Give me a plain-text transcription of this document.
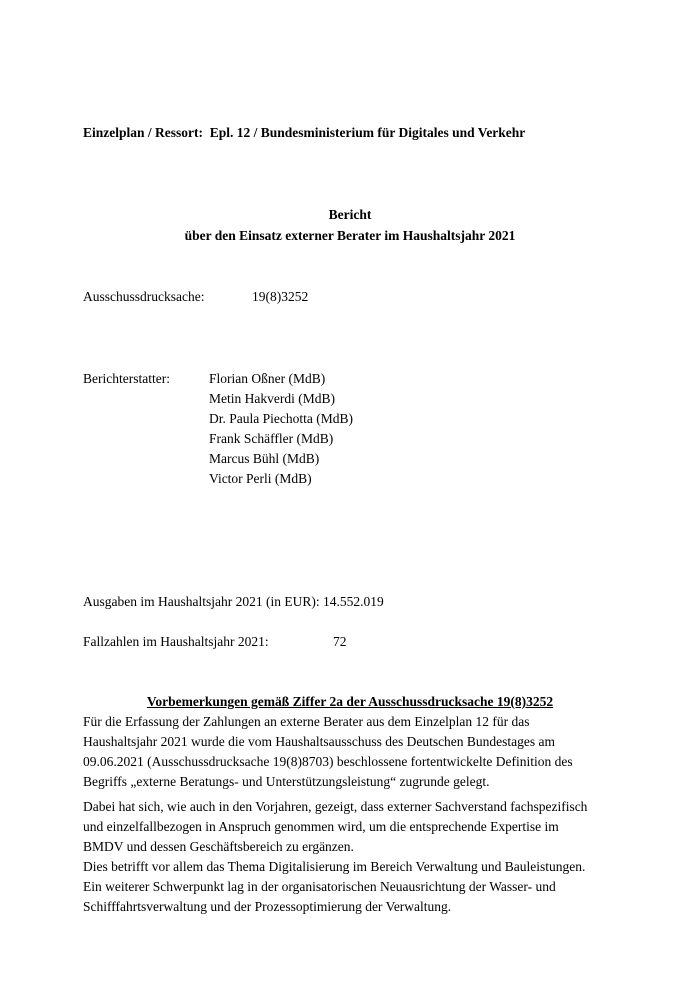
Einzelplan / Ressort: Epl. 12 / Bundesministerium für Digitales und Verkehr
Bericht
über den Einsatz externer Berater im Haushaltsjahr 2021
Ausschussdrucksache:	19(8)3252
Berichterstatter:	Florian Oßner (MdB)
Metin Hakverdi (MdB)
Dr. Paula Piechotta (MdB)
Frank Schäffler (MdB)
Marcus Bühl (MdB)
Victor Perli (MdB)
Ausgaben im Haushaltsjahr 2021 (in EUR): 14.552.019
Fallzahlen im Haushaltsjahr 2021:	72
Vorbemerkungen gemäß Ziffer 2a der Ausschussdrucksache 19(8)3252
Für die Erfassung der Zahlungen an externe Berater aus dem Einzelplan 12 für das
Haushaltsjahr 2021 wurde die vom Haushaltsausschuss des Deutschen Bundestages am
09.06.2021 (Ausschussdrucksache 19(8)8703) beschlossene fortentwickelte Definition des
Begriffs „externe Beratungs- und Unterstützungsleistung“ zugrunde gelegt.
Dabei hat sich, wie auch in den Vorjahren, gezeigt, dass externer Sachverstand fachspezifisch
und einzelfallbezogen in Anspruch genommen wird, um die entsprechende Expertise im
BMDV und dessen Geschäftsbereich zu ergänzen.
Dies betrifft vor allem das Thema Digitalisierung im Bereich Verwaltung und Bauleistungen.
Ein weiterer Schwerpunkt lag in der organisatorischen Neuausrichtung der Wasser- und
Schifffahrtsverwaltung und der Prozessoptimierung der Verwaltung.
